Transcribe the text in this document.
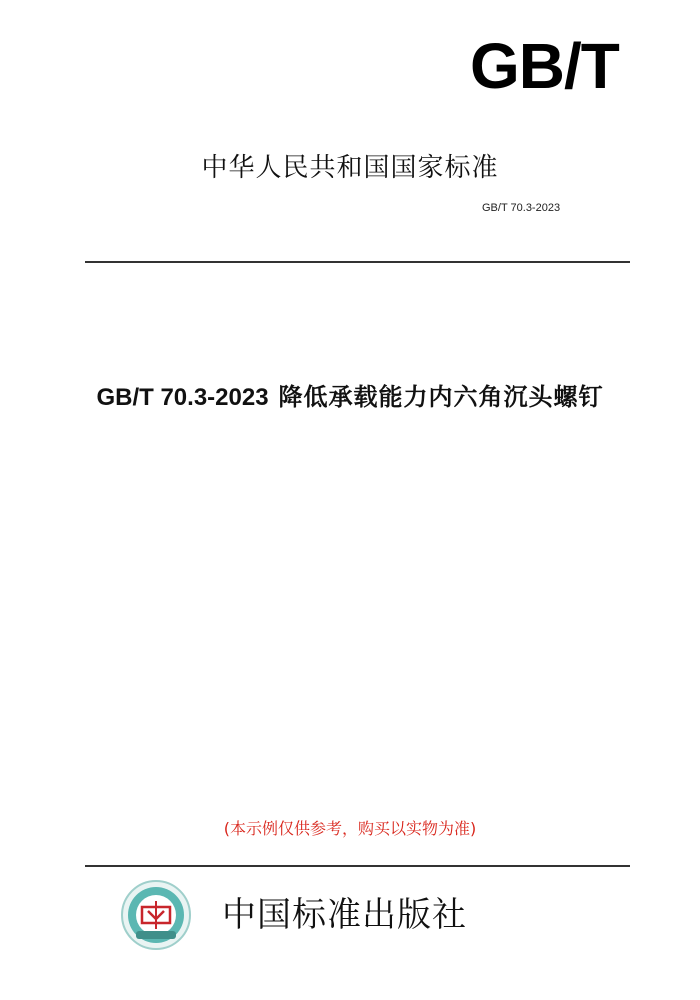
GB/T
中华人民共和国国家标准
GB/T 70.3-2023
GB/T 70.3-2023 降低承载能力内六角沉头螺钉
(本示例仅供参考，购买以实物为准)
中国标准出版社
